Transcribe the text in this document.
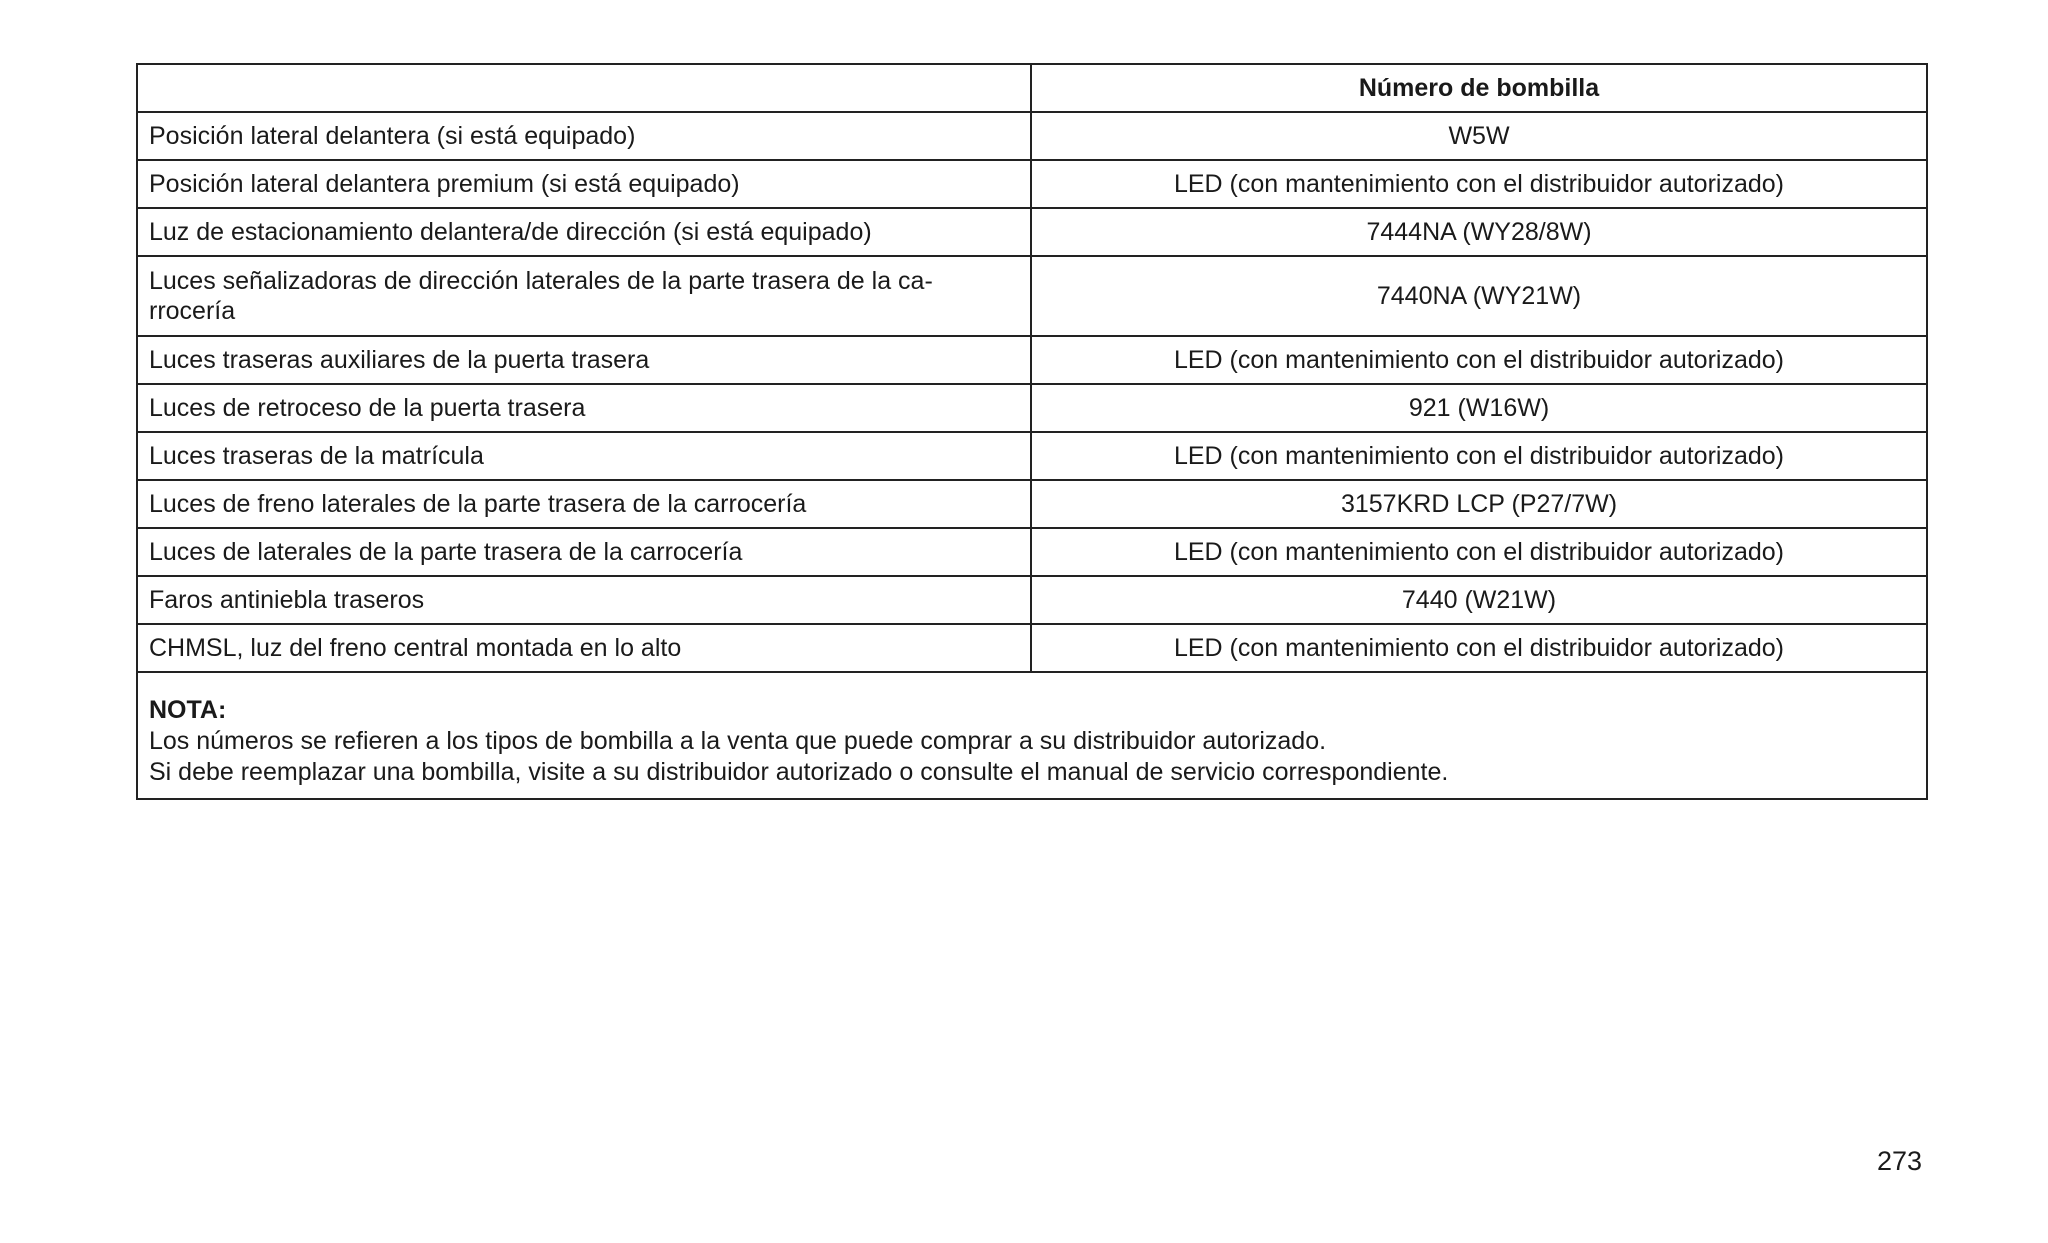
	Número de bombilla
Posición lateral delantera (si está equipado)	W5W
Posición lateral delantera premium (si está equipado)	LED (con mantenimiento con el distribuidor autorizado)
Luz de estacionamiento delantera/de dirección (si está equipado)	7444NA (WY28/8W)

Luces señalizadoras de dirección laterales de la parte trasera de la ca-
rrocería	7440NA (WY21W)
Luces traseras auxiliares de la puerta trasera	LED (con mantenimiento con el distribuidor autorizado)
Luces de retroceso de la puerta trasera	921 (W16W)
Luces traseras de la matrícula	LED (con mantenimiento con el distribuidor autorizado)
Luces de freno laterales de la parte trasera de la carrocería	3157KRD LCP (P27/7W)
Luces de laterales de la parte trasera de la carrocería	LED (con mantenimiento con el distribuidor autorizado)
Faros antiniebla traseros	7440 (W21W)
CHMSL, luz del freno central montada en lo alto	LED (con mantenimiento con el distribuidor autorizado)

NOTA:
Los números se refieren a los tipos de bombilla a la venta que puede comprar a su distribuidor autorizado.
Si debe reemplazar una bombilla, visite a su distribuidor autorizado o consulte el manual de servicio correspondiente.	
273
